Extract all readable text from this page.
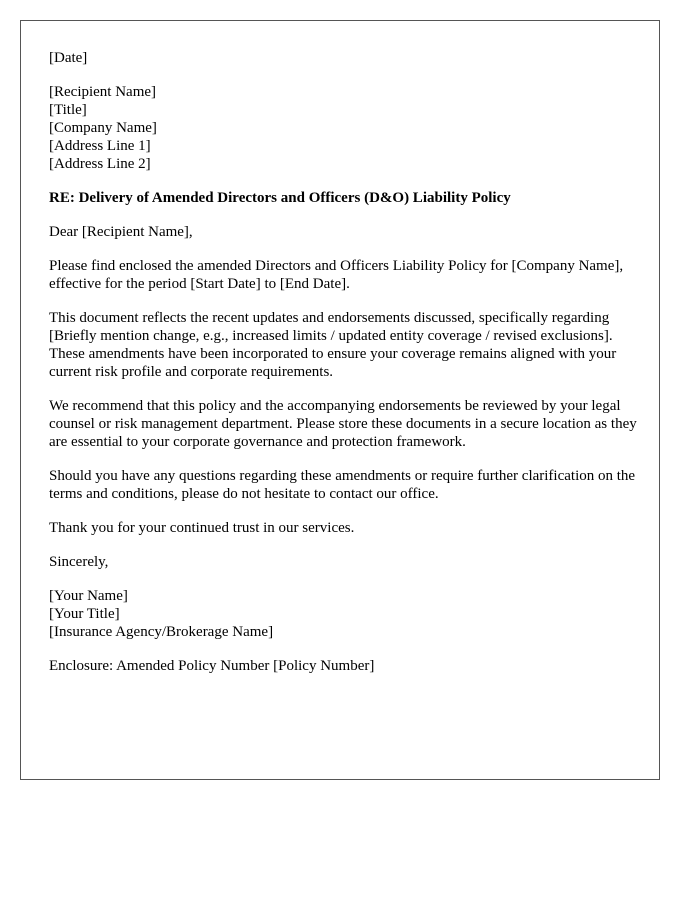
[Date]
[Recipient Name]
[Title]
[Company Name]
[Address Line 1]
[Address Line 2]

RE: Delivery of Amended Directors and Officers (D&O) Liability Policy

Dear [Recipient Name],

Please find enclosed the amended Directors and Officers Liability Policy for [Company Name], effective for the period [Start Date] to [End Date].

This document reflects the recent updates and endorsements discussed, specifically regarding [Briefly mention change, e.g., increased limits / updated entity coverage / revised exclusions]. These amendments have been incorporated to ensure your coverage remains aligned with your current risk profile and corporate requirements.

We recommend that this policy and the accompanying endorsements be reviewed by your legal counsel or risk management department. Please store these documents in a secure location as they are essential to your corporate governance and protection framework.

Should you have any questions regarding these amendments or require further clarification on the terms and conditions, please do not hesitate to contact our office.

Thank you for your continued trust in our services.

Sincerely,

[Your Name]
[Your Title]
[Insurance Agency/Brokerage Name]

Enclosure: Amended Policy Number [Policy Number]
